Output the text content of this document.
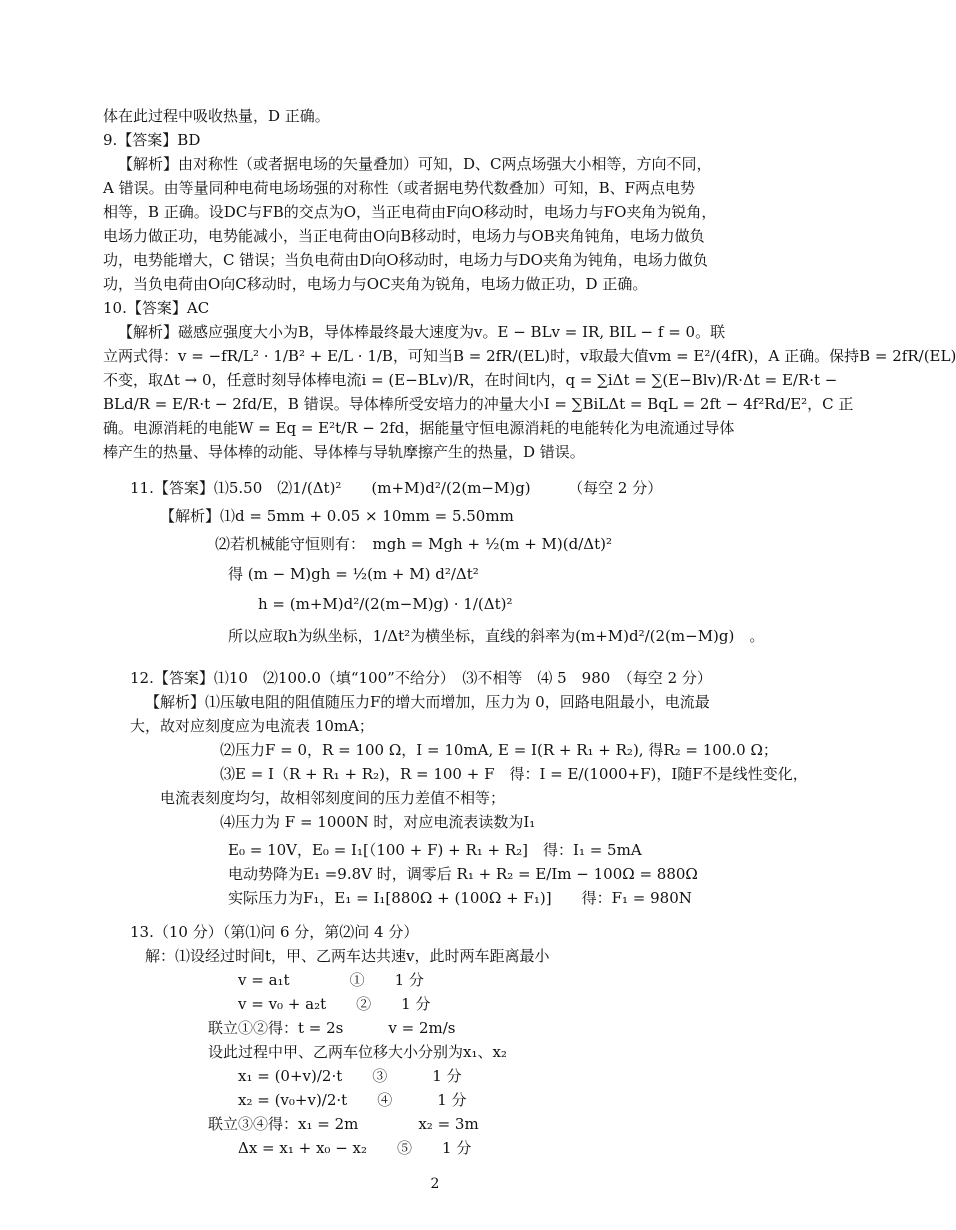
体在此过程中吸收热量，D 正确。
9.【答案】BD
【解析】由对称性（或者据电场的矢量叠加）可知，D、C两点场强大小相等，方向不同，
A 错误。由等量同种电荷电场场强的对称性（或者据电势代数叠加）可知，B、F两点电势
相等，B 正确。设DC与FB的交点为O，当正电荷由F向O移动时，电场力与FO夹角为锐角，
电场力做正功，电势能减小，当正电荷由O向B移动时，电场力与OB夹角钝角，电场力做负
功，电势能增大，C 错误；当负电荷由D向O移动时，电场力与DO夹角为钝角，电场力做负
功，当负电荷由O向C移动时，电场力与OC夹角为锐角，电场力做正功，D 正确。
10.【答案】AC
【解析】磁感应强度大小为B，导体棒最终最大速度为v。E − BLv = IR, BIL − f = 0。联
立两式得：v = −fR/L² · 1/B² + E/L · 1/B，可知当B = 2fR/(EL)时，v取最大值vm = E²/(4fR)，A 正确。保持B = 2fR/(EL)
不变，取Δt → 0，任意时刻导体棒电流i = (E−BLv)/R，在时间t内，q = ∑iΔt = ∑(E−Blv)/R·Δt = E/R·t −
BLd/R = E/R·t − 2fd/E，B 错误。导体棒所受安培力的冲量大小I = ∑BiLΔt = BqL = 2ft − 4f²Rd/E²，C 正
确。电源消耗的电能W = Eq = E²t/R − 2fd，据能量守恒电源消耗的电能转化为电流通过导体
棒产生的热量、导体棒的动能、导体棒与导轨摩擦产生的热量，D 错误。
11.【答案】⑴5.50　⑵1/(Δt)²　　(m+M)d²/(2(m−M)g)　　　（每空 2 分）
【解析】⑴d = 5mm + 0.05 × 10mm = 5.50mm
⑵若机械能守恒则有：　mgh = Mgh + ½(m + M)(d/Δt)²
得 (m − M)gh = ½(m + M) d²/Δt²
h = (m+M)d²/(2(m−M)g) · 1/(Δt)²
所以应取h为纵坐标，1/Δt²为横坐标，直线的斜率为(m+M)d²/(2(m−M)g)　。
12.【答案】⑴10　⑵100.0（填“100”不给分）　⑶不相等　⑷ 5　980　（每空 2 分）
【解析】⑴压敏电阻的阻值随压力F的增大而增加，压力为 0，回路电阻最小，电流最
大，故对应刻度应为电流表 10mA；
⑵压力F = 0，R = 100 Ω，I = 10mA, E = I(R + R₁ + R₂), 得R₂ = 100.0 Ω；
⑶E = I（R + R₁ + R₂)，R = 100 + F　得：I = E/(1000+F)，I随F不是线性变化，
电流表刻度均匀，故相邻刻度间的压力差值不相等；
⑷压力为 F = 1000N 时，对应电流表读数为I₁
E₀ = 10V，E₀ = I₁[（100 + F) + R₁ + R₂]　得：I₁ = 5mA
电动势降为E₁ =9.8V 时，调零后 R₁ + R₂ = E/Im − 100Ω = 880Ω
实际压力为F₁，E₁ = I₁[880Ω + (100Ω + F₁)]　　得：F₁ = 980N
13.（10 分）（第⑴问 6 分，第⑵问 4 分）
解：⑴设经过时间t，甲、乙两车达共速v，此时两车距离最小
v = a₁t　　　　①　　1 分
v = v₀ + a₂t　　②　　1 分
联立①②得：t = 2s　　　v = 2m/s
设此过程中甲、乙两车位移大小分别为x₁、x₂
x₁ = (0+v)/2·t　　③　　　1 分
x₂ = (v₀+v)/2·t　　④　　　1 分
联立③④得：x₁ = 2m　　　　x₂ = 3m
Δx = x₁ + x₀ − x₂　　⑤　　1 分
2
